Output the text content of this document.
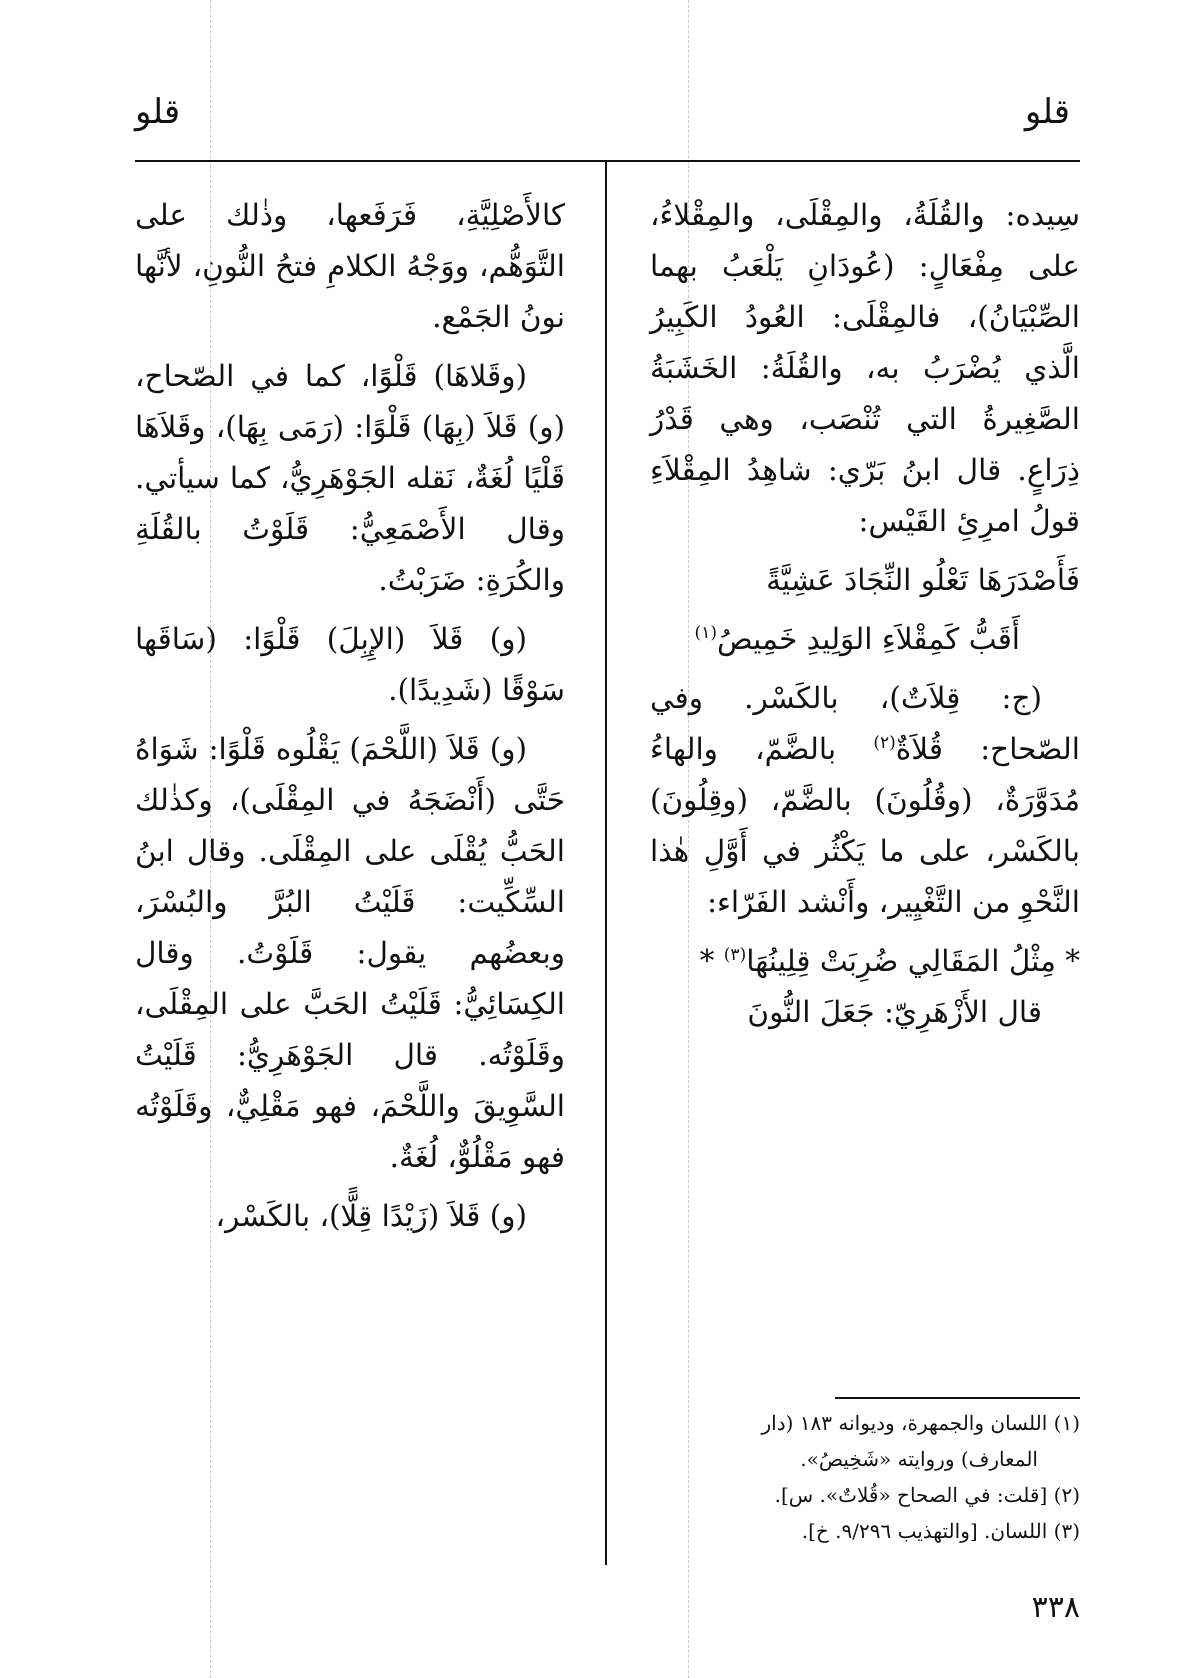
قلو
قلو

سِيده: والقُلَةُ، والمِقْلَى، والمِقْلاءُ، على مِفْعَالٍ: (عُودَانِ يَلْعَبُ بهما الصِّبْيَانُ)، فالمِقْلَى: العُودُ الكَبِيرُ الَّذي يُضْرَبُ به، والقُلَةُ: الخَشَبَةُ الصَّغِيرةُ التي تُنْصَب، وهي قَدْرُ ذِرَاعٍ. قال ابنُ بَرّي: شاهِدُ المِقْلاَءِ قولُ امرِئِ القَيْس:

فَأَصْدَرَهَا تَعْلُو النِّجَادَ عَشِيَّةً
أَقَبُّ كَمِقْلاَءِ الوَلِيدِ خَمِيصُ$^{(١)}$

(ج: قِلاَتٌ)، بالكَسْر. وفي الصّحاح: قُلاَةٌ$^{(٢)}$ بالضَّمّ، والهاءُ مُدَوَّرَةٌ، (وقُلُونَ) بالضَّمّ، (وقِلُونَ) بالكَسْر، على ما يَكْثُر في أَوَّلِ هٰذا النَّحْوِ من التَّغْيِير، وأَنْشد الفَرّاء:

* مِثْلُ المَقَالِي ضُرِبَتْ قِلِينُهَا$^{(٣)}$ *

قال الأَزْهَرِيّ: جَعَلَ النُّونَ

كالأَصْلِيَّةِ، فَرَفَعها، وذٰلك على التَّوَهُّم، ووَجْهُ الكلامِ فتحُ النُّونِ، لأنَّها نونُ الجَمْع.

(وقَلاهَا) قَلْوًا، كما في الصّحاح، (و) قَلاَ (بِهَا) قَلْوًا: (رَمَى بِهَا)، وقَلاَهَا قَلْيًا لُغَةٌ، نَقله الجَوْهَرِيُّ، كما سيأتي. وقال الأَصْمَعِيُّ: قَلَوْتُ بالقُلَةِ والكُرَةِ: ضَرَبْتُ.

(و) قَلاَ (الإِبِلَ) قَلْوًا: (سَاقَها سَوْقًا (شَدِيدًا).

(و) قَلاَ (اللَّحْمَ) يَقْلُوه قَلْوًا: شَوَاهُ حَتَّى (أَنْضَجَهُ في المِقْلَى)، وكذٰلك الحَبُّ يُقْلَى على المِقْلَى. وقال ابنُ السِّكِّيت: قَلَيْتُ البُرَّ والبُسْرَ، وبعضُهم يقول: قَلَوْتُ. وقال الكِسَائِيُّ: قَلَيْتُ الحَبَّ على المِقْلَى، وقَلَوْتُه. قال الجَوْهَرِيُّ: قَلَيْتُ السَّوِيقَ واللَّحْمَ، فهو مَقْلِيٌّ، وقَلَوْتُه فهو مَقْلُوٌّ، لُغَةٌ.

(و) قَلاَ (زَيْدًا قِلًّا)، بالكَسْر،

(١) اللسان والجمهرة، وديوانه ١٨٣ (دار

المعارف) وروايته «شَخِيصُ».

(٢) [قلت: في الصحاح «قُلاتٌ». س].

(٣) اللسان. [والتهذيب ٩/٢٩٦. خ].

٣٣٨
